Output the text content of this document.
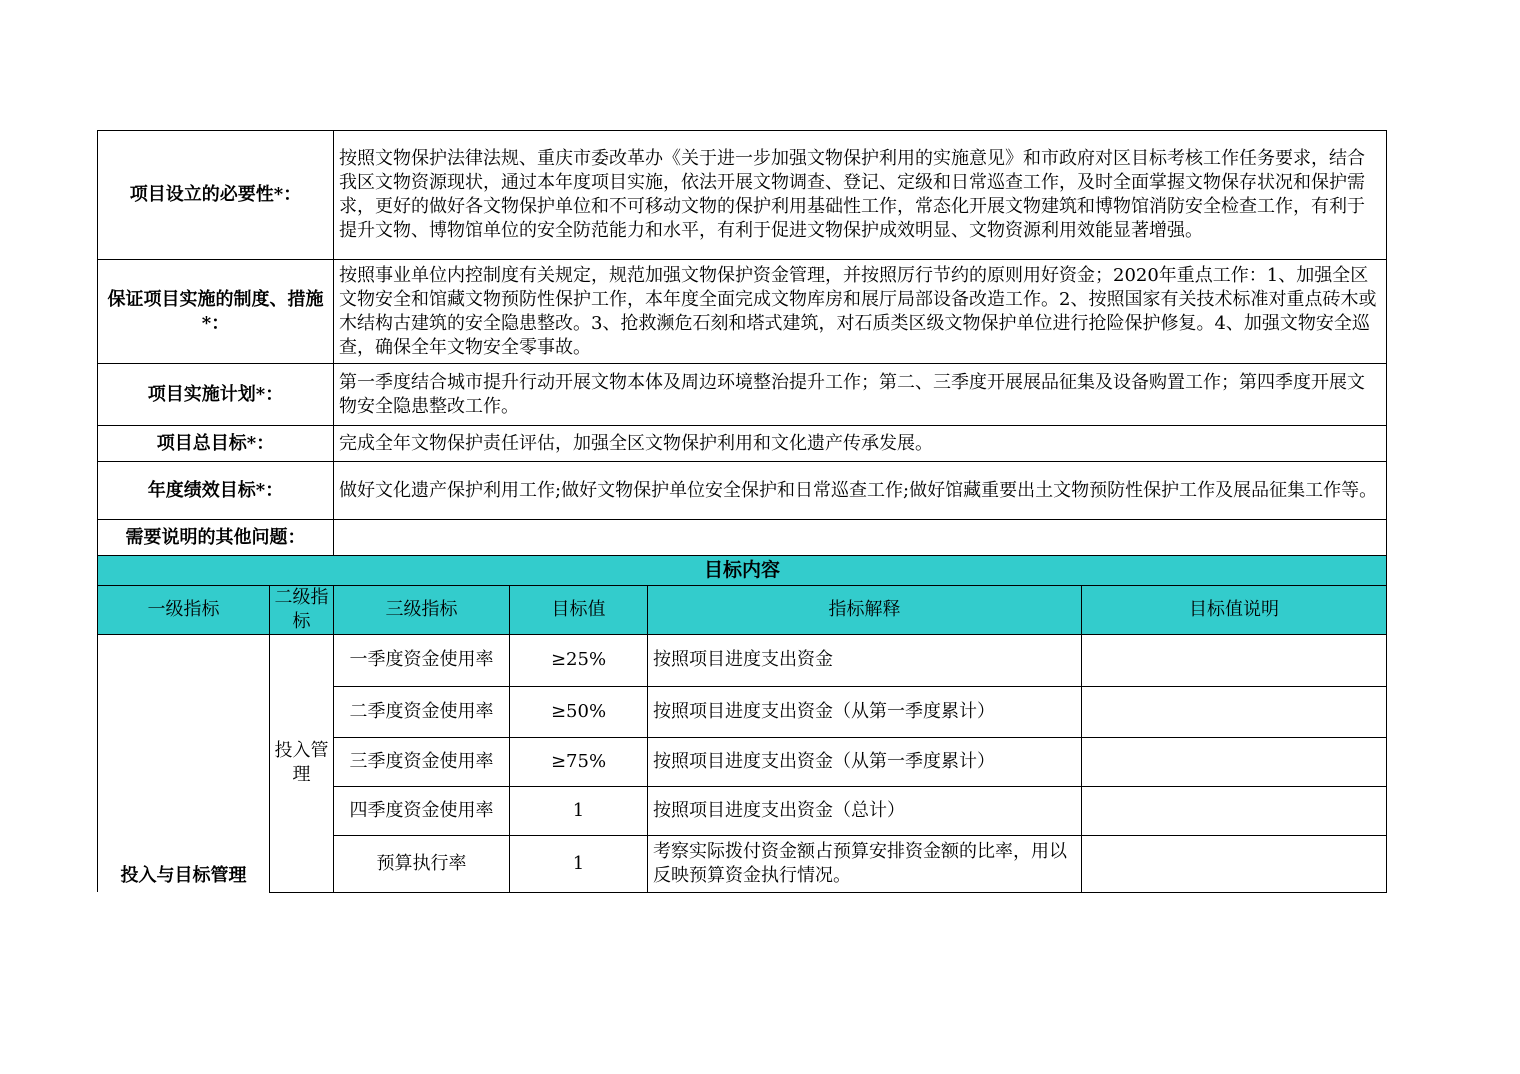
项目设立的必要性*：	按照文物保护法律法规、重庆市委改革办《关于进一步加强文物保护利用的实施意见》和市政府对区目标考核工作任务要求，结合我区文物资源现状，通过本年度项目实施，依法开展文物调查、登记、定级和日常巡查工作，及时全面掌握文物保存状况和保护需求，更好的做好各文物保护单位和不可移动文物的保护利用基础性工作，常态化开展文物建筑和博物馆消防安全检查工作，有利于提升文物、博物馆单位的安全防范能力和水平，有利于促进文物保护成效明显、文物资源利用效能显著增强。
保证项目实施的制度、措施*：	按照事业单位内控制度有关规定，规范加强文物保护资金管理，并按照厉行节约的原则用好资金；2020年重点工作：1、加强全区文物安全和馆藏文物预防性保护工作，本年度全面完成文物库房和展厅局部设备改造工作。2、按照国家有关技术标准对重点砖木或木结构古建筑的安全隐患整改。3、抢救濒危石刻和塔式建筑，对石质类区级文物保护单位进行抢险保护修复。4、加强文物安全巡查，确保全年文物安全零事故。
项目实施计划*：	第一季度结合城市提升行动开展文物本体及周边环境整治提升工作；第二、三季度开展展品征集及设备购置工作；第四季度开展文物安全隐患整改工作。
项目总目标*：	完成全年文物保护责任评估，加强全区文物保护利用和文化遗产传承发展。
年度绩效目标*：	做好文化遗产保护利用工作;做好文物保护单位安全保护和日常巡查工作;做好馆藏重要出土文物预防性保护工作及展品征集工作等。
需要说明的其他问题：	
目标内容					
一级指标	二级指标	三级指标	目标值	指标解释	目标值说明
投入与目标管理	投入管理	一季度资金使用率	≥25%	按照项目进度支出资金	
		二季度资金使用率	≥50%	按照项目进度支出资金（从第一季度累计）	
		三季度资金使用率	≥75%	按照项目进度支出资金（从第一季度累计）	
		四季度资金使用率	1	按照项目进度支出资金（总计）	
		预算执行率	1	考察实际拨付资金额占预算安排资金额的比率，用以反映预算资金执行情况。	
